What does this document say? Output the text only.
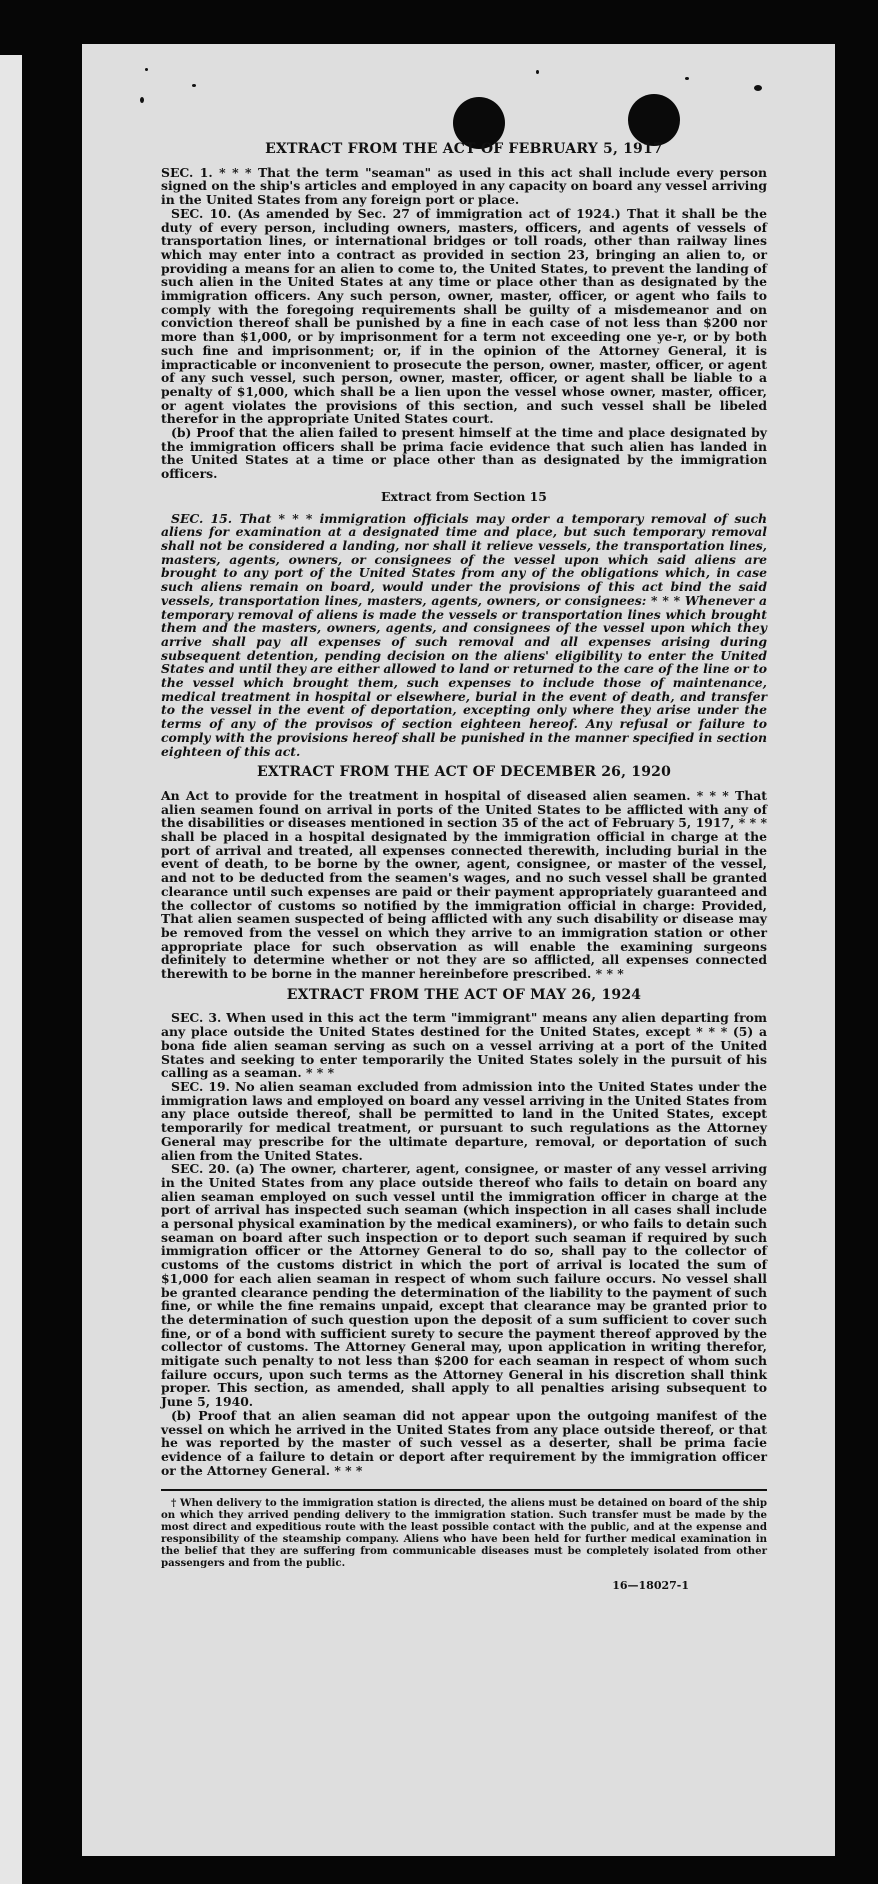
EXTRACT FROM THE ACT OF FEBRUARY 5, 1917

SEC. 1. * * * That the term "seaman" as used in this act shall include every person signed on the ship's articles and employed in any capacity on board any vessel arriving in the United States from any foreign port or place.

SEC. 10. (As amended by Sec. 27 of immigration act of 1924.) That it shall be the duty of every person, including owners, masters, officers, and agents of vessels of transportation lines, or international bridges or toll roads, other than railway lines which may enter into a contract as provided in section 23, bringing an alien to, or providing a means for an alien to come to, the United States, to prevent the landing of such alien in the United States at any time or place other than as designated by the immigration officers. Any such person, owner, master, officer, or agent who fails to comply with the foregoing requirements shall be guilty of a misdemeanor and on conviction thereof shall be punished by a fine in each case of not less than $200 nor more than $1,000, or by imprisonment for a term not exceeding one ye-r, or by both such fine and imprisonment; or, if in the opinion of the Attorney General, it is impracticable or inconvenient to prosecute the person, owner, master, officer, or agent of any such vessel, such person, owner, master, officer, or agent shall be liable to a penalty of $1,000, which shall be a lien upon the vessel whose owner, master, officer, or agent violates the provisions of this section, and such vessel shall be libeled therefor in the appropriate United States court.

(b) Proof that the alien failed to present himself at the time and place designated by the immigration officers shall be prima facie evidence that such alien has landed in the United States at a time or place other than as designated by the immigration officers.

Extract from Section 15

SEC. 15. That * * * immigration officials may order a temporary removal of such aliens for examination at a designated time and place, but such temporary removal shall not be considered a landing, nor shall it relieve vessels, the transportation lines, masters, agents, owners, or consignees of the vessel upon which said aliens are brought to any port of the United States from any of the obligations which, in case such aliens remain on board, would under the provisions of this act bind the said vessels, transportation lines, masters, agents, owners, or consignees: * * * Whenever a temporary removal of aliens is made the vessels or transportation lines which brought them and the masters, owners, agents, and consignees of the vessel upon which they arrive shall pay all expenses of such removal and all expenses arising during subsequent detention, pending decision on the aliens' eligibility to enter the United States and until they are either allowed to land or returned to the care of the line or to the vessel which brought them, such expenses to include those of maintenance, medical treatment in hospital or elsewhere, burial in the event of death, and transfer to the vessel in the event of deportation, excepting only where they arise under the terms of any of the provisos of section eighteen hereof. Any refusal or failure to comply with the provisions hereof shall be punished in the manner specified in section eighteen of this act.

EXTRACT FROM THE ACT OF DECEMBER 26, 1920

An Act to provide for the treatment in hospital of diseased alien seamen. * * * That alien seamen found on arrival in ports of the United States to be afflicted with any of the disabilities or diseases mentioned in section 35 of the act of February 5, 1917, * * * shall be placed in a hospital designated by the immigration official in charge at the port of arrival and treated, all expenses connected therewith, including burial in the event of death, to be borne by the owner, agent, consignee, or master of the vessel, and not to be deducted from the seamen's wages, and no such vessel shall be granted clearance until such expenses are paid or their payment appropriately guaranteed and the collector of customs so notified by the immigration official in charge: Provided, That alien seamen suspected of being afflicted with any such disability or disease may be removed from the vessel on which they arrive to an immigration station or other appropriate place for such observation as will enable the examining surgeons definitely to determine whether or not they are so afflicted, all expenses connected therewith to be borne in the manner hereinbefore prescribed. * * *

EXTRACT FROM THE ACT OF MAY 26, 1924

SEC. 3. When used in this act the term "immigrant" means any alien departing from any place outside the United States destined for the United States, except * * * (5) a bona fide alien seaman serving as such on a vessel arriving at a port of the United States and seeking to enter temporarily the United States solely in the pursuit of his calling as a seaman. * * *

SEC. 19. No alien seaman excluded from admission into the United States under the immigration laws and employed on board any vessel arriving in the United States from any place outside thereof, shall be permitted to land in the United States, except temporarily for medical treatment, or pursuant to such regulations as the Attorney General may prescribe for the ultimate departure, removal, or deportation of such alien from the United States.

SEC. 20. (a) The owner, charterer, agent, consignee, or master of any vessel arriving in the United States from any place outside thereof who fails to detain on board any alien seaman employed on such vessel until the immigration officer in charge at the port of arrival has inspected such seaman (which inspection in all cases shall include a personal physical examination by the medical examiners), or who fails to detain such seaman on board after such inspection or to deport such seaman if required by such immigration officer or the Attorney General to do so, shall pay to the collector of customs of the customs district in which the port of arrival is located the sum of $1,000 for each alien seaman in respect of whom such failure occurs. No vessel shall be granted clearance pending the determination of the liability to the payment of such fine, or while the fine remains unpaid, except that clearance may be granted prior to the determination of such question upon the deposit of a sum sufficient to cover such fine, or of a bond with sufficient surety to secure the payment thereof approved by the collector of customs. The Attorney General may, upon application in writing therefor, mitigate such penalty to not less than $200 for each seaman in respect of whom such failure occurs, upon such terms as the Attorney General in his discretion shall think proper. This section, as amended, shall apply to all penalties arising subsequent to June 5, 1940.

(b) Proof that an alien seaman did not appear upon the outgoing manifest of the vessel on which he arrived in the United States from any place outside thereof, or that he was reported by the master of such vessel as a deserter, shall be prima facie evidence of a failure to detain or deport after requirement by the immigration officer or the Attorney General. * * *

† When delivery to the immigration station is directed, the aliens must be detained on board of the ship on which they arrived pending delivery to the immigration station. Such transfer must be made by the most direct and expeditious route with the least possible contact with the public, and at the expense and responsibility of the steamship company. Aliens who have been held for further medical examination in the belief that they are suffering from communicable diseases must be completely isolated from other passengers and from the public.

16—18027-1
